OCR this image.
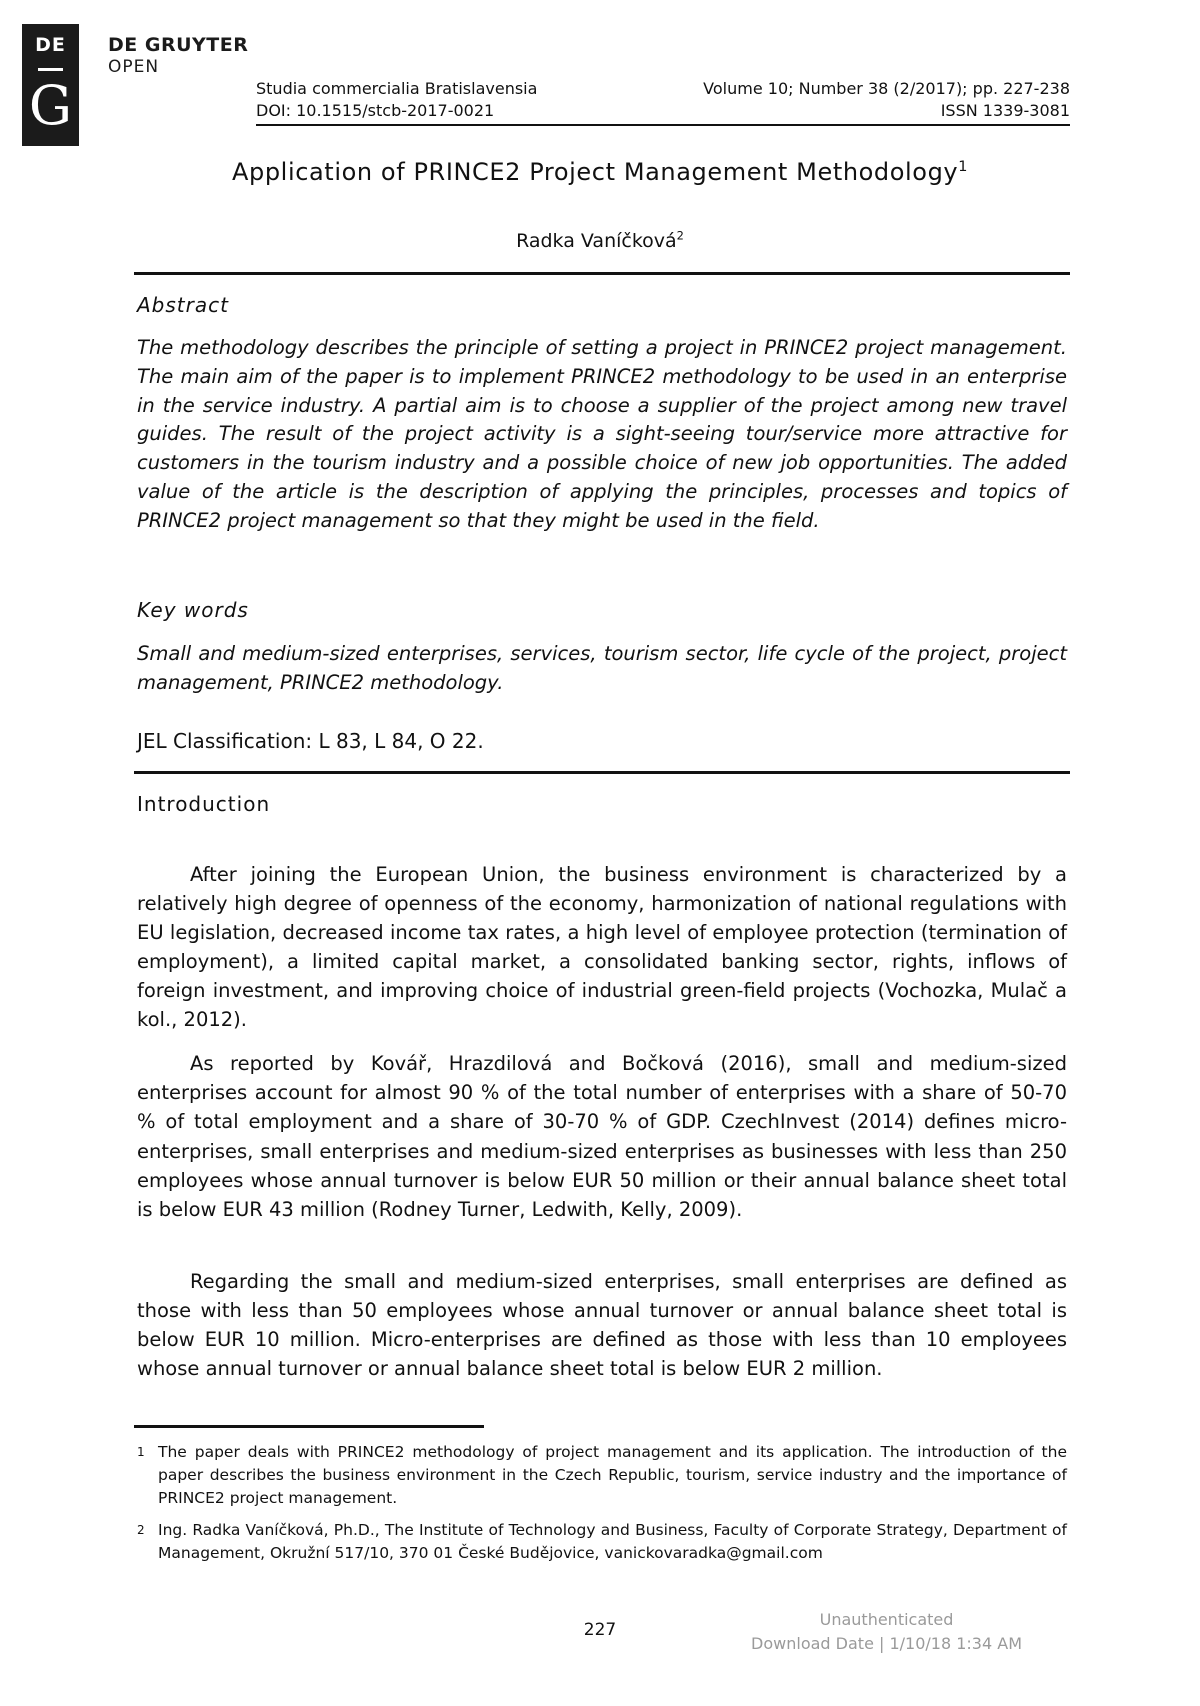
DE
G
DE GRUYTER
OPEN
Studia commercialia Bratislavensia
DOI: 10.1515/stcb-2017-0021
Volume 10; Number 38 (2/2017); pp. 227-238
ISSN 1339-3081
Application of PRINCE2 Project Management Methodology$^1$
Radka Vaníčková$^2$
Abstract
The methodology describes the principle of setting a project in PRINCE2 project management. The main aim of the paper is to implement PRINCE2 methodology to be used in an enterprise in the service industry. A partial aim is to choose a supplier of the project among new travel guides. The result of the project activity is a sight-seeing tour/service more attractive for customers in the tourism industry and a possible choice of new job opportunities. The added value of the article is the description of applying the principles, processes and topics of PRINCE2 project management so that they might be used in the field.
Key words
Small and medium-sized enterprises, services, tourism sector, life cycle of the project, project management, PRINCE2 methodology.
JEL Classification: L 83, L 84, O 22.
Introduction
After joining the European Union, the business environment is characterized by a relatively high degree of openness of the economy, harmonization of national regulations with EU legislation, decreased income tax rates, a high level of employee protection (termination of employment), a limited capital market, a consolidated banking sector, rights, inflows of foreign investment, and improving choice of industrial green-field projects (Vochozka, Mulač a kol., 2012).
As reported by Kovář, Hrazdilová and Bočková (2016), small and medium-sized enterprises account for almost 90 % of the total number of enterprises with a share of 50-70 % of total employment and a share of 30-70 % of GDP. CzechInvest (2014) defines micro-enterprises, small enterprises and medium-sized enterprises as businesses with less than 250 employees whose annual turnover is below EUR 50 million or their annual balance sheet total is below EUR 43 million (Rodney Turner, Ledwith, Kelly, 2009).
Regarding the small and medium-sized enterprises, small enterprises are defined as those with less than 50 employees whose annual turnover or annual balance sheet total is below EUR 10 million. Micro-enterprises are defined as those with less than 10 employees whose annual turnover or annual balance sheet total is below EUR 2 million.
1 The paper deals with PRINCE2 methodology of project management and its application. The introduction of the paper describes the business environment in the Czech Republic, tourism, service industry and the importance of PRINCE2 project management.
2 Ing. Radka Vaníčková, Ph.D., The Institute of Technology and Business, Faculty of Corporate Strategy, Department of Management, Okružní 517/10, 370 01 České Budějovice, vanickovaradka@gmail.com
227
Unauthenticated
Download Date | 1/10/18 1:34 AM
